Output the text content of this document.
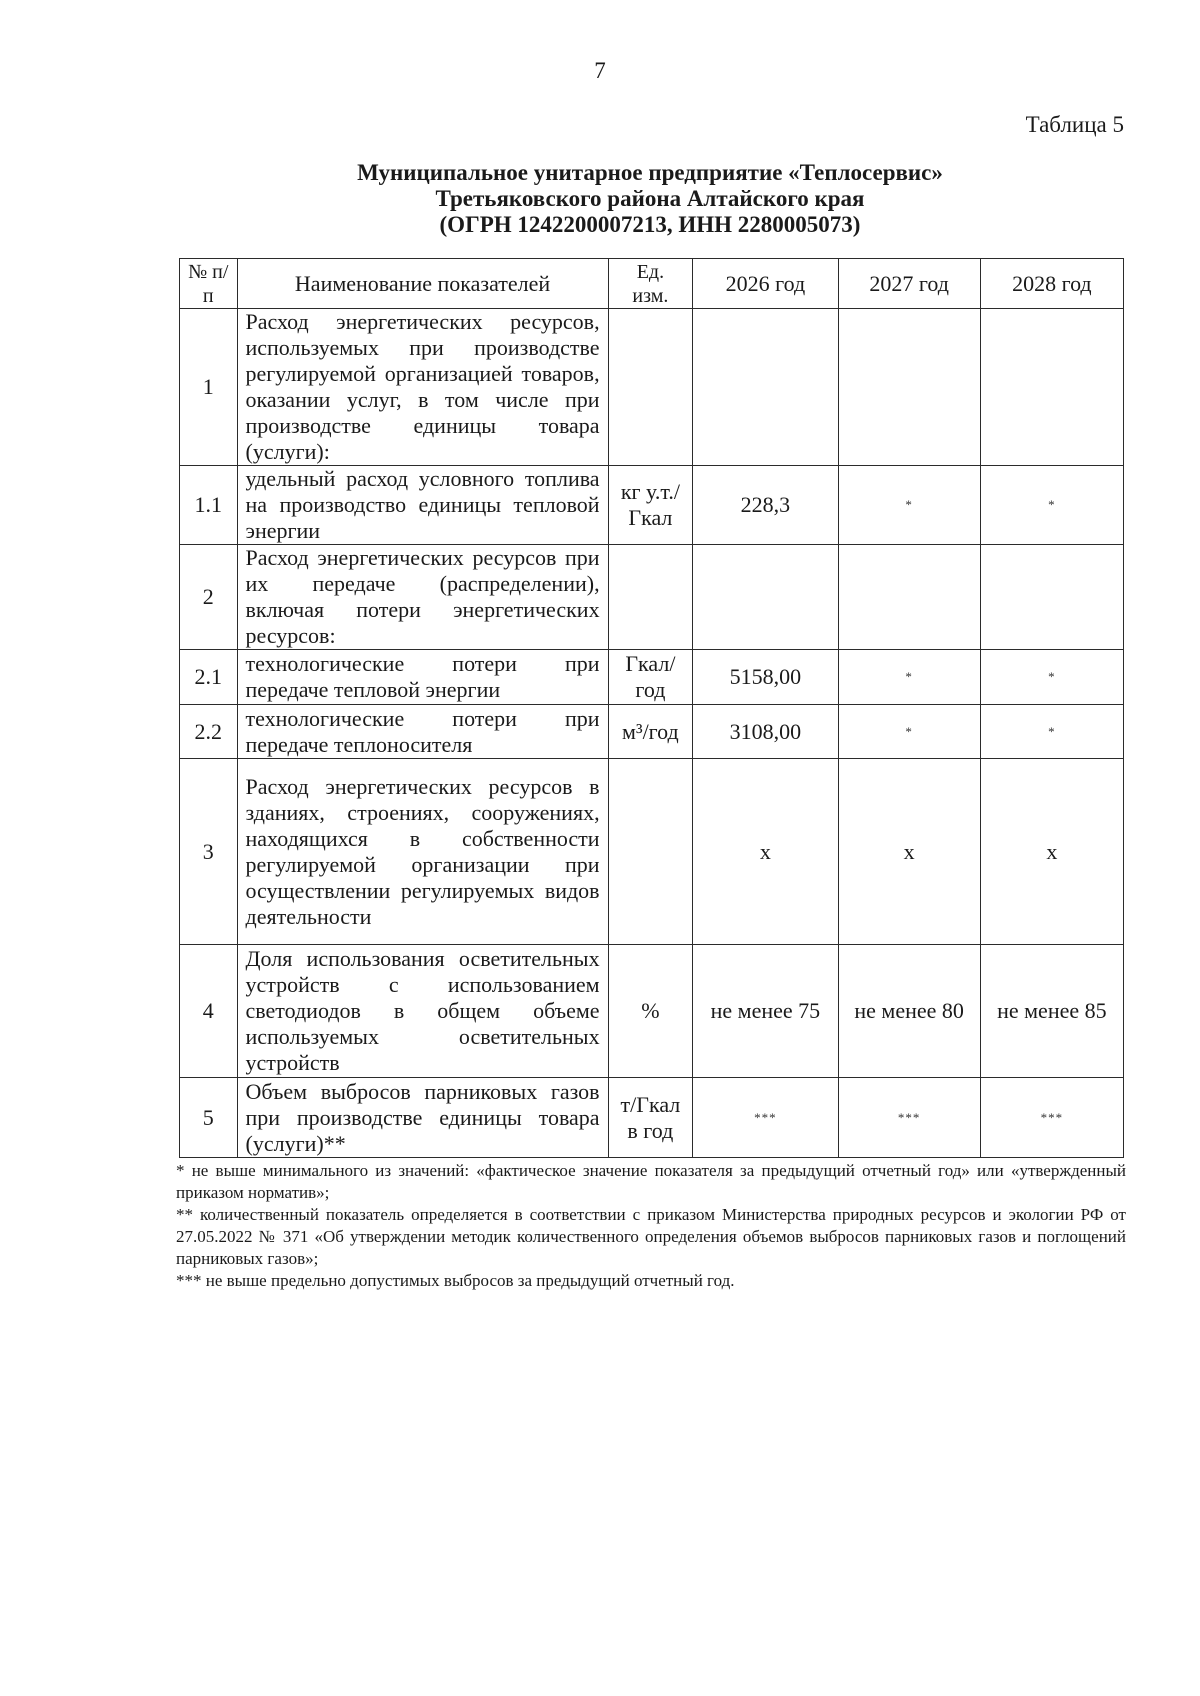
7
Таблица 5
Муниципальное унитарное предприятие «Теплосервис»
Третьяковского района Алтайского края
(ОГРН 1242200007213, ИНН 2280005073)
№ п/п	Наименование показателей	Ед. изм.	2026 год	2027 год	2028 год
1	Расход энергетических ресурсов, используемых при производстве регулируемой организацией товаров, оказании услуг, в том числе при производстве единицы товара (услуги):				
1.1	удельный расход условного топлива на производство единицы тепловой энергии	кг у.т./ Гкал	228,3	*	*
2	Расход энергетических ресурсов при их передаче (распределении), включая потери энергетических ресурсов:				
2.1	технологические потери при передаче тепловой энергии	Гкал/ год	5158,00	*	*
2.2	технологические потери при передаче теплоносителя	м³/год	3108,00	*	*
3	Расход энергетических ресурсов в зданиях, строениях, сооружениях, находящихся в собственности регулируемой организации при осуществлении регулируемых видов деятельности		х	х	х
4	Доля использования осветительных устройств с использованием светодиодов в общем объеме используемых осветительных устройств	%	не менее 75	не менее 80	не менее 85
5	Объем выбросов парниковых газов при производстве единицы товара (услуги)**	т/Гкал в год	***	***	***

* не выше минимального из значений: «фактическое значение показателя за предыдущий отчетный год» или «утвержденный приказом норматив»;

** количественный показатель определяется в соответствии с приказом Министерства природных ресурсов и экологии РФ от 27.05.2022 № 371 «Об утверждении методик количественного определения объемов выбросов парниковых газов и поглощений парниковых газов»;

*** не выше предельно допустимых выбросов за предыдущий отчетный год.
